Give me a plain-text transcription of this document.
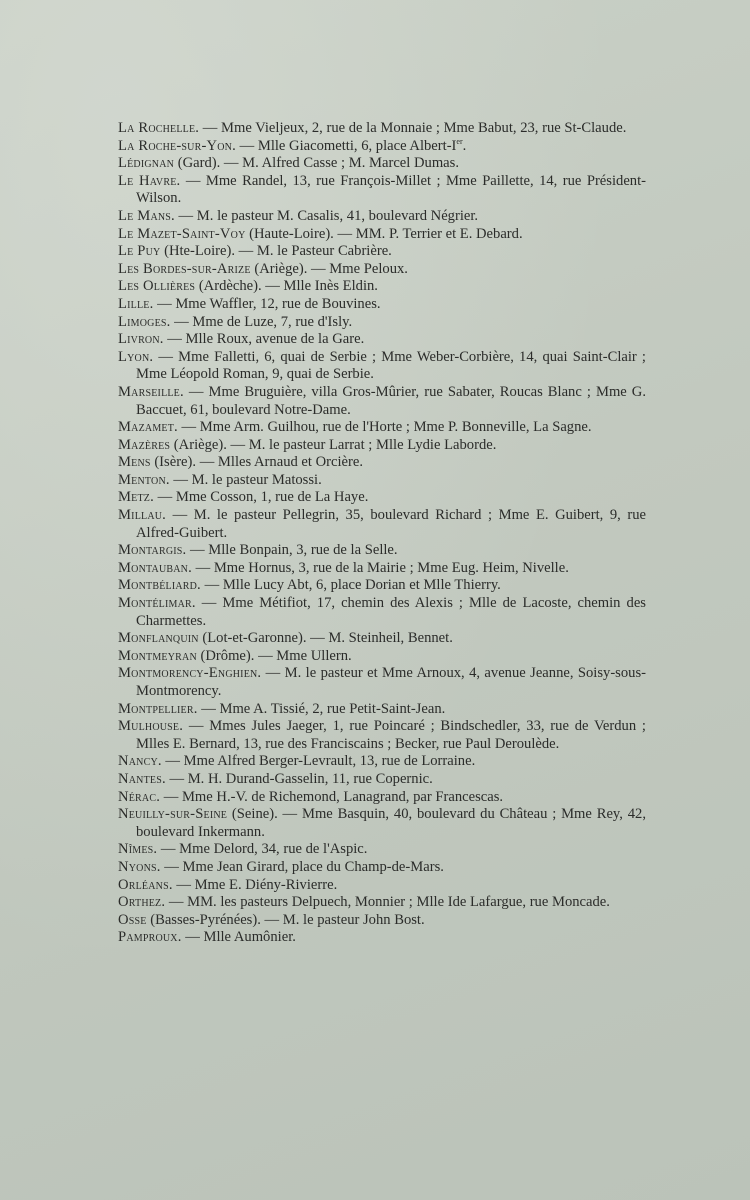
La Rochelle. — Mme Vieljeux, 2, rue de la Monnaie ; Mme Babut, 23, rue St-Claude.

La Roche-sur-Yon. — Mlle Giacometti, 6, place Albert-Ier.

Lédignan (Gard). — M. Alfred Casse ; M. Marcel Dumas.

Le Havre. — Mme Randel, 13, rue François-Millet ; Mme Paillette, 14, rue Président-Wilson.

Le Mans. — M. le pasteur M. Casalis, 41, boulevard Négrier.

Le Mazet-Saint-Voy (Haute-Loire). — MM. P. Terrier et E. Debard.

Le Puy (Hte-Loire). — M. le Pasteur Cabrière.

Les Bordes-sur-Arize (Ariège). — Mme Peloux.

Les Ollières (Ardèche). — Mlle Inès Eldin.

Lille. — Mme Waffler, 12, rue de Bouvines.

Limoges. — Mme de Luze, 7, rue d'Isly.

Livron. — Mlle Roux, avenue de la Gare.

Lyon. — Mme Falletti, 6, quai de Serbie ; Mme Weber-Corbière, 14, quai Saint-Clair ; Mme Léopold Roman, 9, quai de Serbie.

Marseille. — Mme Bruguière, villa Gros-Mûrier, rue Sabater, Roucas Blanc ; Mme G. Baccuet, 61, boulevard Notre-Dame.

Mazamet. — Mme Arm. Guilhou, rue de l'Horte ; Mme P. Bonneville, La Sagne.

Mazères (Ariège). — M. le pasteur Larrat ; Mlle Lydie Laborde.

Mens (Isère). — Mlles Arnaud et Orcière.

Menton. — M. le pasteur Matossi.

Metz. — Mme Cosson, 1, rue de La Haye.

Millau. — M. le pasteur Pellegrin, 35, boulevard Richard ; Mme E. Guibert, 9, rue Alfred-Guibert.

Montargis. — Mlle Bonpain, 3, rue de la Selle.

Montauban. — Mme Hornus, 3, rue de la Mairie ; Mme Eug. Heim, Nivelle.

Montbéliard. — Mlle Lucy Abt, 6, place Dorian et Mlle Thierry.

Montélimar. — Mme Métifiot, 17, chemin des Alexis ; Mlle de Lacoste, chemin des Charmettes.

Monflanquin (Lot-et-Garonne). — M. Steinheil, Bennet.

Montmeyran (Drôme). — Mme Ullern.

Montmorency-Enghien. — M. le pasteur et Mme Arnoux, 4, avenue Jeanne, Soisy-sous-Montmorency.

Montpellier. — Mme A. Tissié, 2, rue Petit-Saint-Jean.

Mulhouse. — Mmes Jules Jaeger, 1, rue Poincaré ; Bindschedler, 33, rue de Verdun ; Mlles E. Bernard, 13, rue des Franciscains ; Becker, rue Paul Deroulède.

Nancy. — Mme Alfred Berger-Levrault, 13, rue de Lorraine.

Nantes. — M. H. Durand-Gasselin, 11, rue Copernic.

Nérac. — Mme H.-V. de Richemond, Lanagrand, par Francescas.

Neuilly-sur-Seine (Seine). — Mme Basquin, 40, boulevard du Château ; Mme Rey, 42, boulevard Inkermann.

Nîmes. — Mme Delord, 34, rue de l'Aspic.

Nyons. — Mme Jean Girard, place du Champ-de-Mars.

Orléans. — Mme E. Diény-Rivierre.

Orthez. — MM. les pasteurs Delpuech, Monnier ; Mlle Ide Lafargue, rue Moncade.

Osse (Basses-Pyrénées). — M. le pasteur John Bost.

Pamproux. — Mlle Aumônier.
